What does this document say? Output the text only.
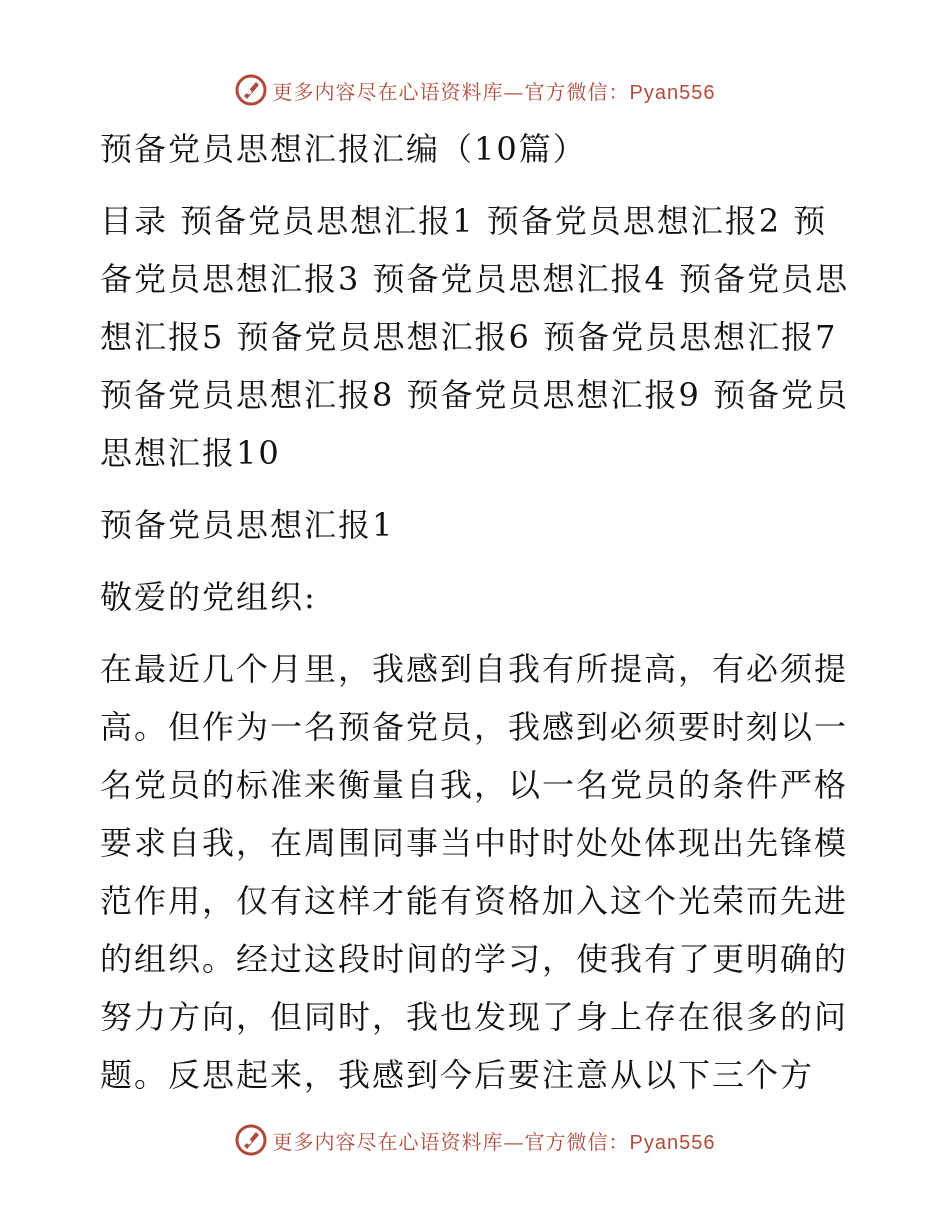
更多内容尽在心语资料库—官方微信：Pyan556

预备党员思想汇报汇编（10篇）

目录 预备党员思想汇报1 预备党员思想汇报2 预备党员思想汇报3 预备党员思想汇报4 预备党员思想汇报5 预备党员思想汇报6 预备党员思想汇报7 预备党员思想汇报8 预备党员思想汇报9 预备党员思想汇报10

预备党员思想汇报1

敬爱的党组织:

在最近几个月里，我感到自我有所提高，有必须提高。但作为一名预备党员，我感到必须要时刻以一名党员的标准来衡量自我，以一名党员的条件严格要求自我，在周围同事当中时时处处体现出先锋模范作用，仅有这样才能有资格加入这个光荣而先进的组织。经过这段时间的学习，使我有了更明确的努力方向，但同时，我也发现了身上存在很多的问题。反思起来，我感到今后要注意从以下三个方

更多内容尽在心语资料库—官方微信：Pyan556
